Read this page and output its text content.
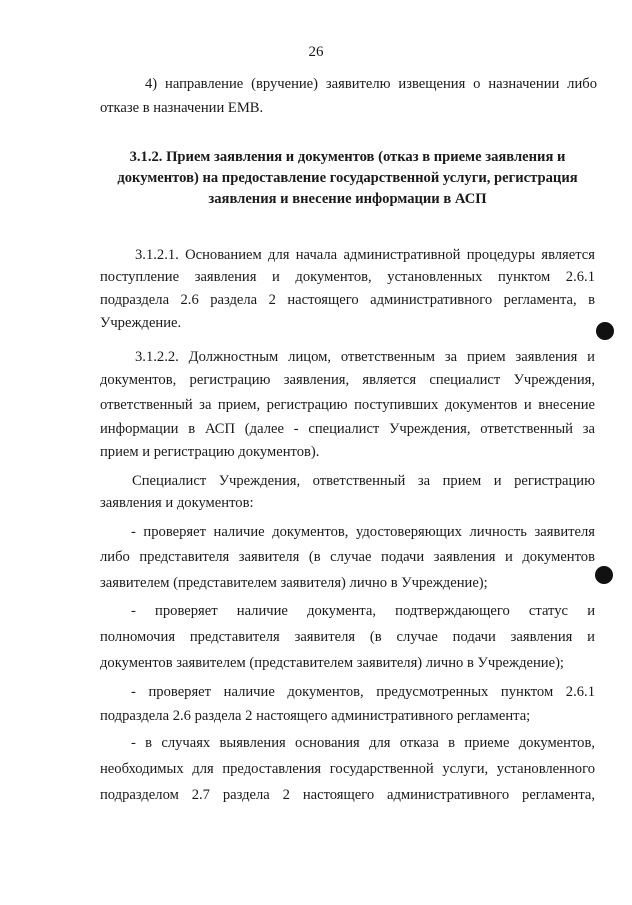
26
4) направление (вручение) заявителю извещения о назначении либо
отказе в назначении ЕМВ.
3.1.2. Прием заявления и документов (отказ в приеме заявления и
документов) на предоставление государственной услуги, регистрация
заявления и внесение информации в АСП
3.1.2.1. Основанием для начала административной процедуры является
поступление заявления и документов, установленных пунктом 2.6.1
подраздела 2.6 раздела 2 настоящего административного регламента, в
Учреждение.
3.1.2.2. Должностным лицом, ответственным за прием заявления и
документов, регистрацию заявления, является специалист Учреждения,
ответственный за прием, регистрацию поступивших документов и внесение
информации в АСП (далее - специалист Учреждения, ответственный за
прием и регистрацию документов).
Специалист Учреждения, ответственный за прием и регистрацию
заявления и документов:
- проверяет наличие документов, удостоверяющих личность заявителя
либо представителя заявителя (в случае подачи заявления и документов
заявителем (представителем заявителя) лично в Учреждение);
- проверяет наличие документа, подтверждающего статус и
полномочия представителя заявителя (в случае подачи заявления и
документов заявителем (представителем заявителя) лично в Учреждение);
- проверяет наличие документов, предусмотренных пунктом 2.6.1
подраздела 2.6 раздела 2 настоящего административного регламента;
- в случаях выявления основания для отказа в приеме документов,
необходимых для предоставления государственной услуги, установленного
подразделом 2.7 раздела 2 настоящего административного регламента,
